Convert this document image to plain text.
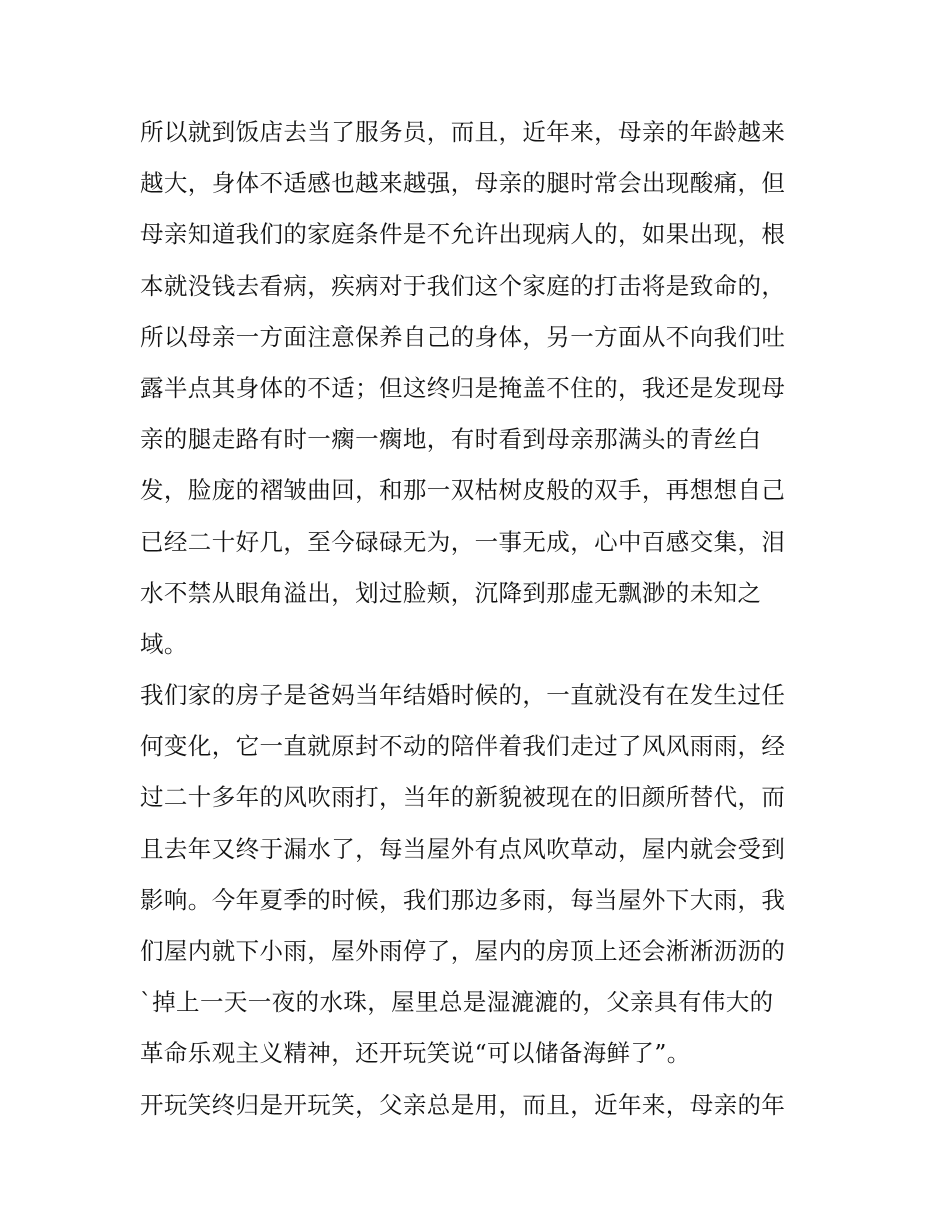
所以就到饭店去当了服务员，而且，近年来，母亲的年龄越来
越大，身体不适感也越来越强，母亲的腿时常会出现酸痛，但
母亲知道我们的家庭条件是不允许出现病人的，如果出现，根
本就没钱去看病，疾病对于我们这个家庭的打击将是致命的，
所以母亲一方面注意保养自己的身体，另一方面从不向我们吐
露半点其身体的不适；但这终归是掩盖不住的，我还是发现母
亲的腿走路有时一瘸一瘸地，有时看到母亲那满头的青丝白
发，脸庞的褶皱曲回，和那一双枯树皮般的双手，再想想自己
已经二十好几，至今碌碌无为，一事无成，心中百感交集，泪
水不禁从眼角溢出，划过脸颊，沉降到那虚无飘渺的未知之
域。
我们家的房子是爸妈当年结婚时候的，一直就没有在发生过任
何变化，它一直就原封不动的陪伴着我们走过了风风雨雨，经
过二十多年的风吹雨打，当年的新貌被现在的旧颜所替代，而
且去年又终于漏水了，每当屋外有点风吹草动，屋内就会受到
影响。今年夏季的时候，我们那边多雨，每当屋外下大雨，我
们屋内就下小雨，屋外雨停了，屋内的房顶上还会淅淅沥沥的
`掉上一天一夜的水珠，屋里总是湿漉漉的，父亲具有伟大的
革命乐观主义精神，还开玩笑说“可以储备海鲜了”。
开玩笑终归是开玩笑，父亲总是用，而且，近年来，母亲的年
